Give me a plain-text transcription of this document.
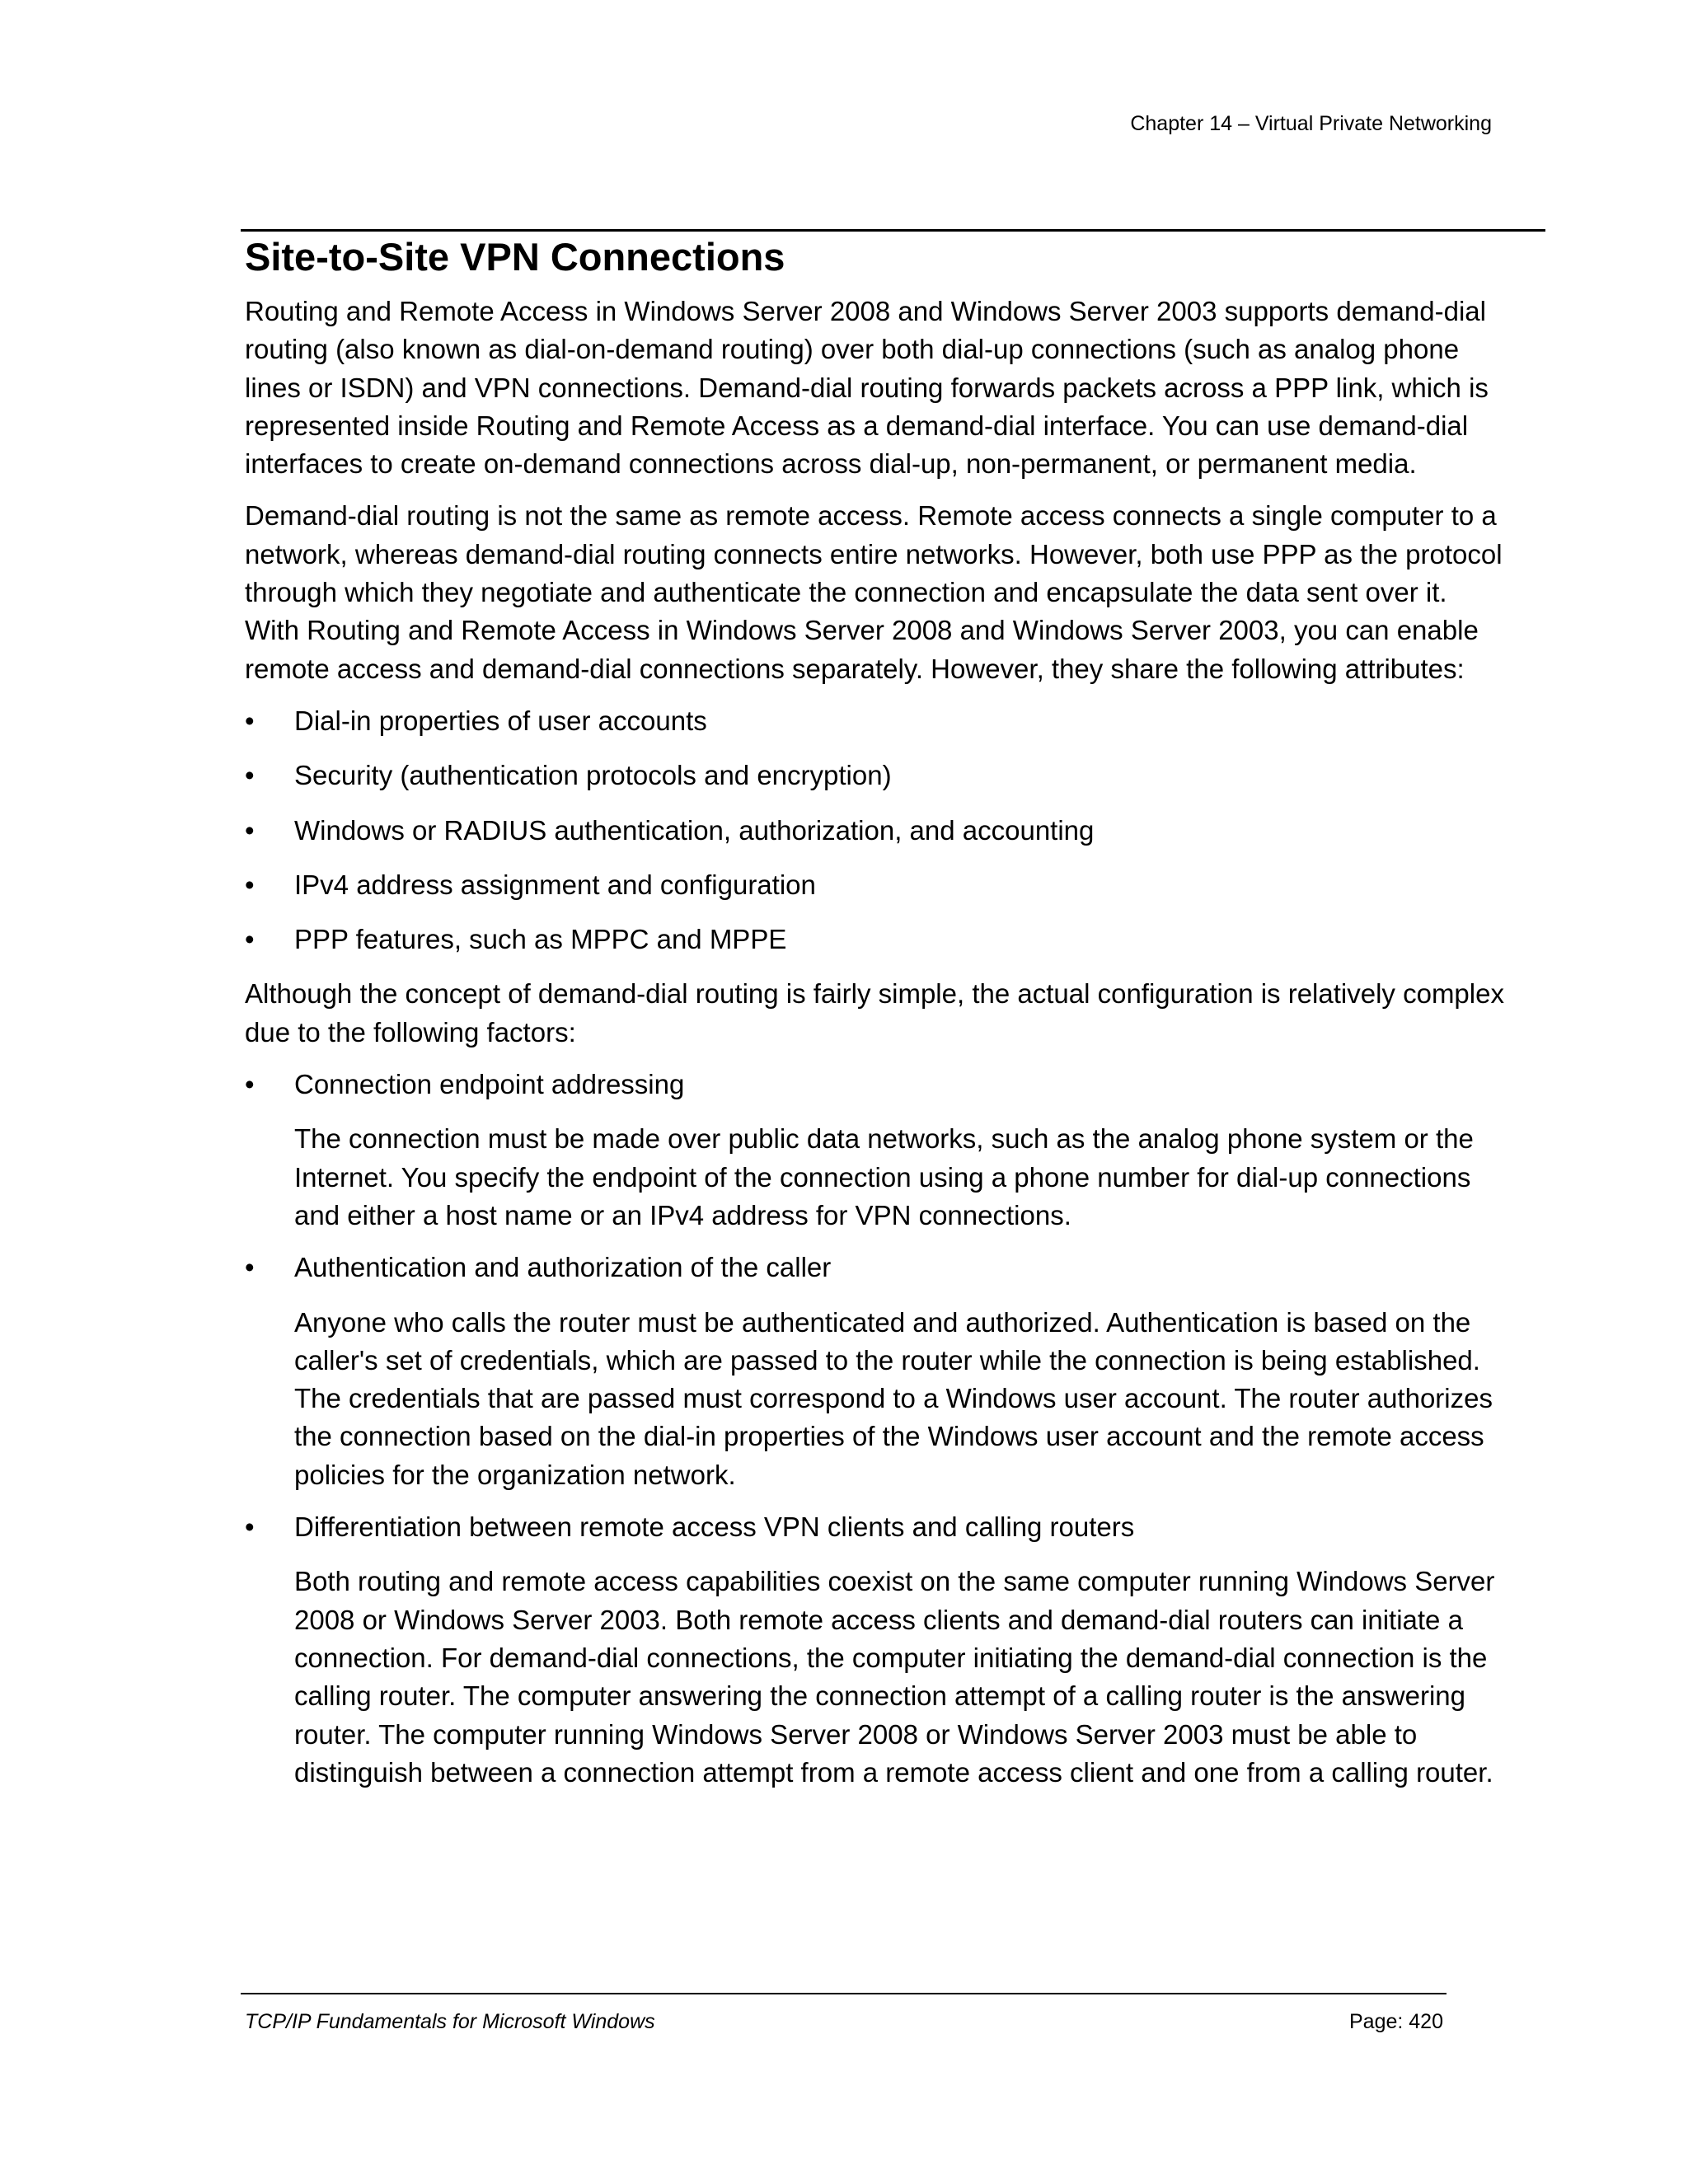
Chapter 14 – Virtual Private Networking
Site-to-Site VPN Connections

Routing and Remote Access in Windows Server 2008 and Windows Server 2003 supports demand-dial routing (also known as dial-on-demand routing) over both dial-up connections (such as analog phone lines or ISDN) and VPN connections. Demand-dial routing forwards packets across a PPP link, which is represented inside Routing and Remote Access as a demand-dial interface. You can use demand-dial interfaces to create on-demand connections across dial-up, non-permanent, or permanent media.

Demand-dial routing is not the same as remote access. Remote access connects a single computer to a network, whereas demand-dial routing connects entire networks. However, both use PPP as the protocol through which they negotiate and authenticate the connection and encapsulate the data sent over it. With Routing and Remote Access in Windows Server 2008 and Windows Server 2003, you can enable remote access and demand-dial connections separately. However, they share the following attributes:

•	Dial-in properties of user accounts
•	Security (authentication protocols and encryption)
•	Windows or RADIUS authentication, authorization, and accounting
•	IPv4 address assignment and configuration
•	PPP features, such as MPPC and MPPE

Although the concept of demand-dial routing is fairly simple, the actual configuration is relatively complex due to the following factors:

•	Connection endpoint addressing
The connection must be made over public data networks, such as the analog phone system or the Internet. You specify the endpoint of the connection using a phone number for dial-up connections and either a host name or an IPv4 address for VPN connections.
•	Authentication and authorization of the caller
Anyone who calls the router must be authenticated and authorized. Authentication is based on the caller's set of credentials, which are passed to the router while the connection is being established. The credentials that are passed must correspond to a Windows user account. The router authorizes the connection based on the dial-in properties of the Windows user account and the remote access policies for the organization network.
•	Differentiation between remote access VPN clients and calling routers
Both routing and remote access capabilities coexist on the same computer running Windows Server 2008 or Windows Server 2003. Both remote access clients and demand-dial routers can initiate a connection. For demand-dial connections, the computer initiating the demand-dial connection is the calling router. The computer answering the connection attempt of a calling router is the answering router. The computer running Windows Server 2008 or Windows Server 2003 must be able to distinguish between a connection attempt from a remote access client and one from a calling router.
TCP/IP Fundamentals for Microsoft Windows	Page: 420
